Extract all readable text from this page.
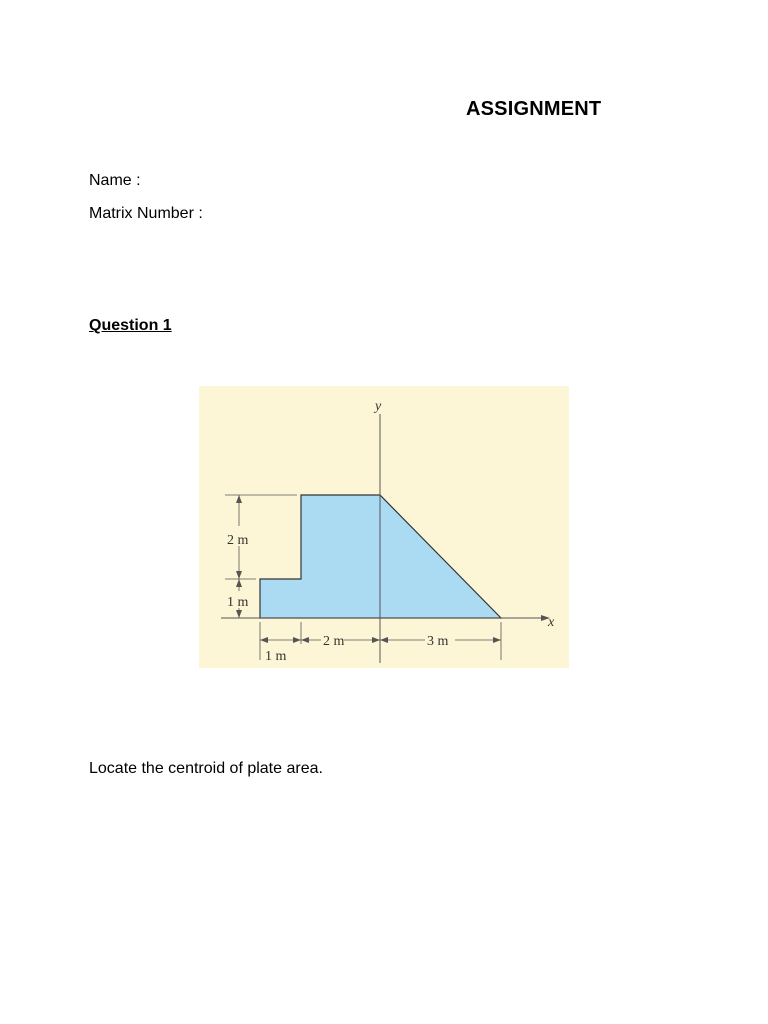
ASSIGNMENT
Name :
Matrix Number :
Question 1
x
y
2 m
1 m
2 m	3 m
1 m
Locate the centroid of plate area.
